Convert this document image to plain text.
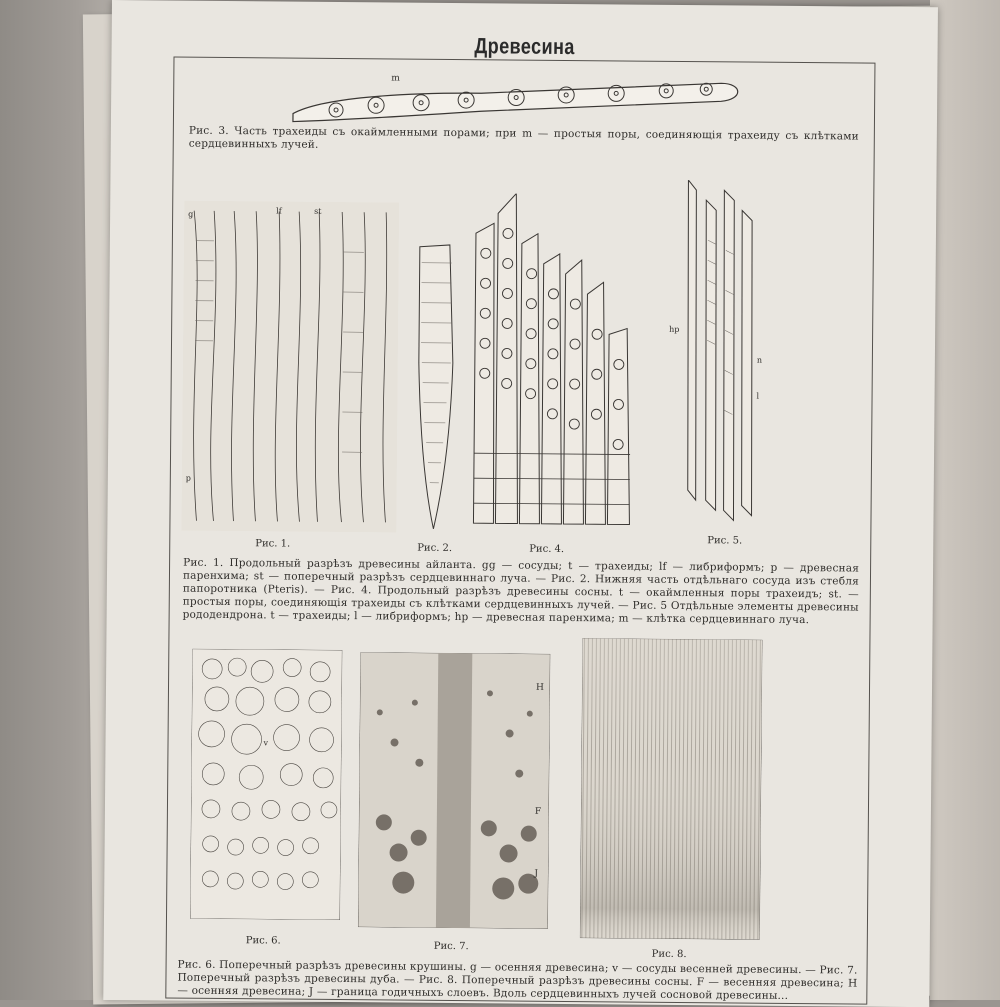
Древесина
m
Рис. 3. Часть трахеиды съ окаймленными порами; при m — простыя поры, соединяющія трахеиду съ клѣтками сердцевинныхъ лучей.
g	lf	st
p
Рис. 1.	Рис. 2.	Рис. 4.
hp
n
l
Рис. 5.
Рис. 1. Продольный разрѣзъ древесины айланта. gg — сосуды; t — трахеиды; lf — либриформъ; p — древесная паренхима; st — поперечный разрѣзъ сердцевиннаго луча. — Рис. 2. Нижняя часть отдѣльнаго сосуда изъ стебля папоротника (Pteris). — Рис. 4. Продольный разрѣзъ древесины сосны. t — окаймленныя поры трахеидъ; st. — простыя поры, соединяющія трахеиды съ клѣтками сердцевинныхъ лучей. — Рис. 5 Отдѣльные элементы древесины рододендрона. t — трахеиды; l — либриформъ; hp — древесная паренхима; m — клѣтка сердцевиннаго луча.
v
Рис. 6.
H
F
J
Рис. 7.
Рис. 8.
Рис. 6. Поперечный разрѣзъ древесины крушины. g — осенняя древесина; v — сосуды весенней древесины. — Рис. 7. Поперечный разрѣзъ древесины дуба. — Рис. 8. Поперечный разрѣзъ древесины сосны. F — весенняя древесина; H — осенняя древесина; J — граница годичныхъ слоевъ. Вдоль сердцевинныхъ лучей сосновой древесины...
